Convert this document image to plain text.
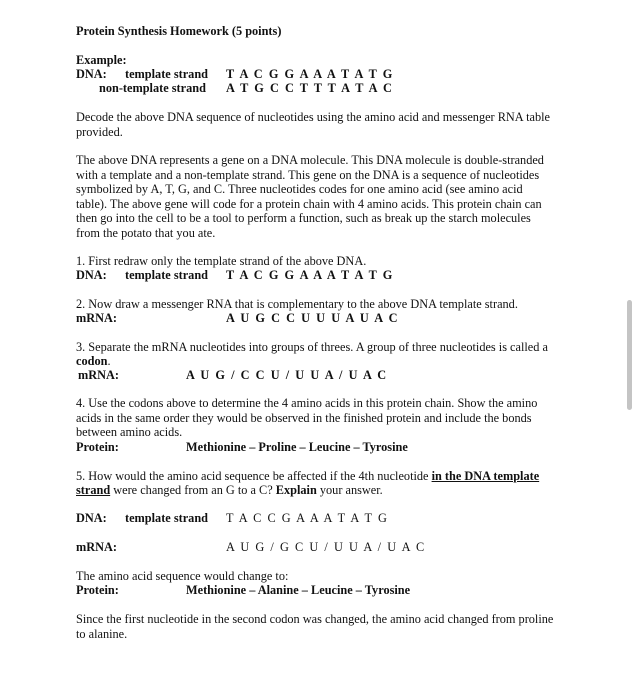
Protein Synthesis Homework (5 points)
Example:
DNA: template strand T  A  C  G  G  A  A  A  T  A  T  G
non-template strand A  T  G  C  C  T  T  T  A  T  A  C
Decode the above DNA sequence of nucleotides using the amino acid and messenger RNA table provided.
The above DNA represents a gene on a DNA molecule. This DNA molecule is double-stranded with a template and a non-template strand. This gene on the DNA is a sequence of nucleotides symbolized by A, T, G, and C. Three nucleotides codes for one amino acid (see amino acid table). The above gene will code for a protein chain with 4 amino acids. This protein chain can then go into the cell to be a tool to perform a function, such as break up the starch molecules from the potato that you ate.
1. First redraw only the template strand of the above DNA.
DNA: template strand T  A  C  G  G  A  A  A  T  A  T  G
2. Now draw a messenger RNA that is complementary to the above DNA template strand.
mRNA:	A  U  G  C  C  U  U  U  A  U  A  C
3. Separate the mRNA nucleotides into groups of threes. A group of three nucleotides is called a
codon.
mRNA:	A  U  G  /  C  C  U  /  U  U  A  /  U  A  C
4. Use the codons above to determine the 4 amino acids in this protein chain. Show the amino acids in the same order they would be observed in the finished protein and include the bonds between amino acids.
Protein:	Methionine – Proline – Leucine – Tyrosine
5. How would the amino acid sequence be affected if the 4th nucleotide in the DNA template
strand were changed from an G to a C? Explain your answer.
DNA: template strand T  A  C  C  G  A  A  A  T  A  T  G
mRNA:	A  U  G  /  G  C  U  /  U  U  A  /  U  A  C
The amino acid sequence would change to:
Protein:	Methionine – Alanine – Leucine – Tyrosine
Since the first nucleotide in the second codon was changed, the amino acid changed from proline to alanine.
